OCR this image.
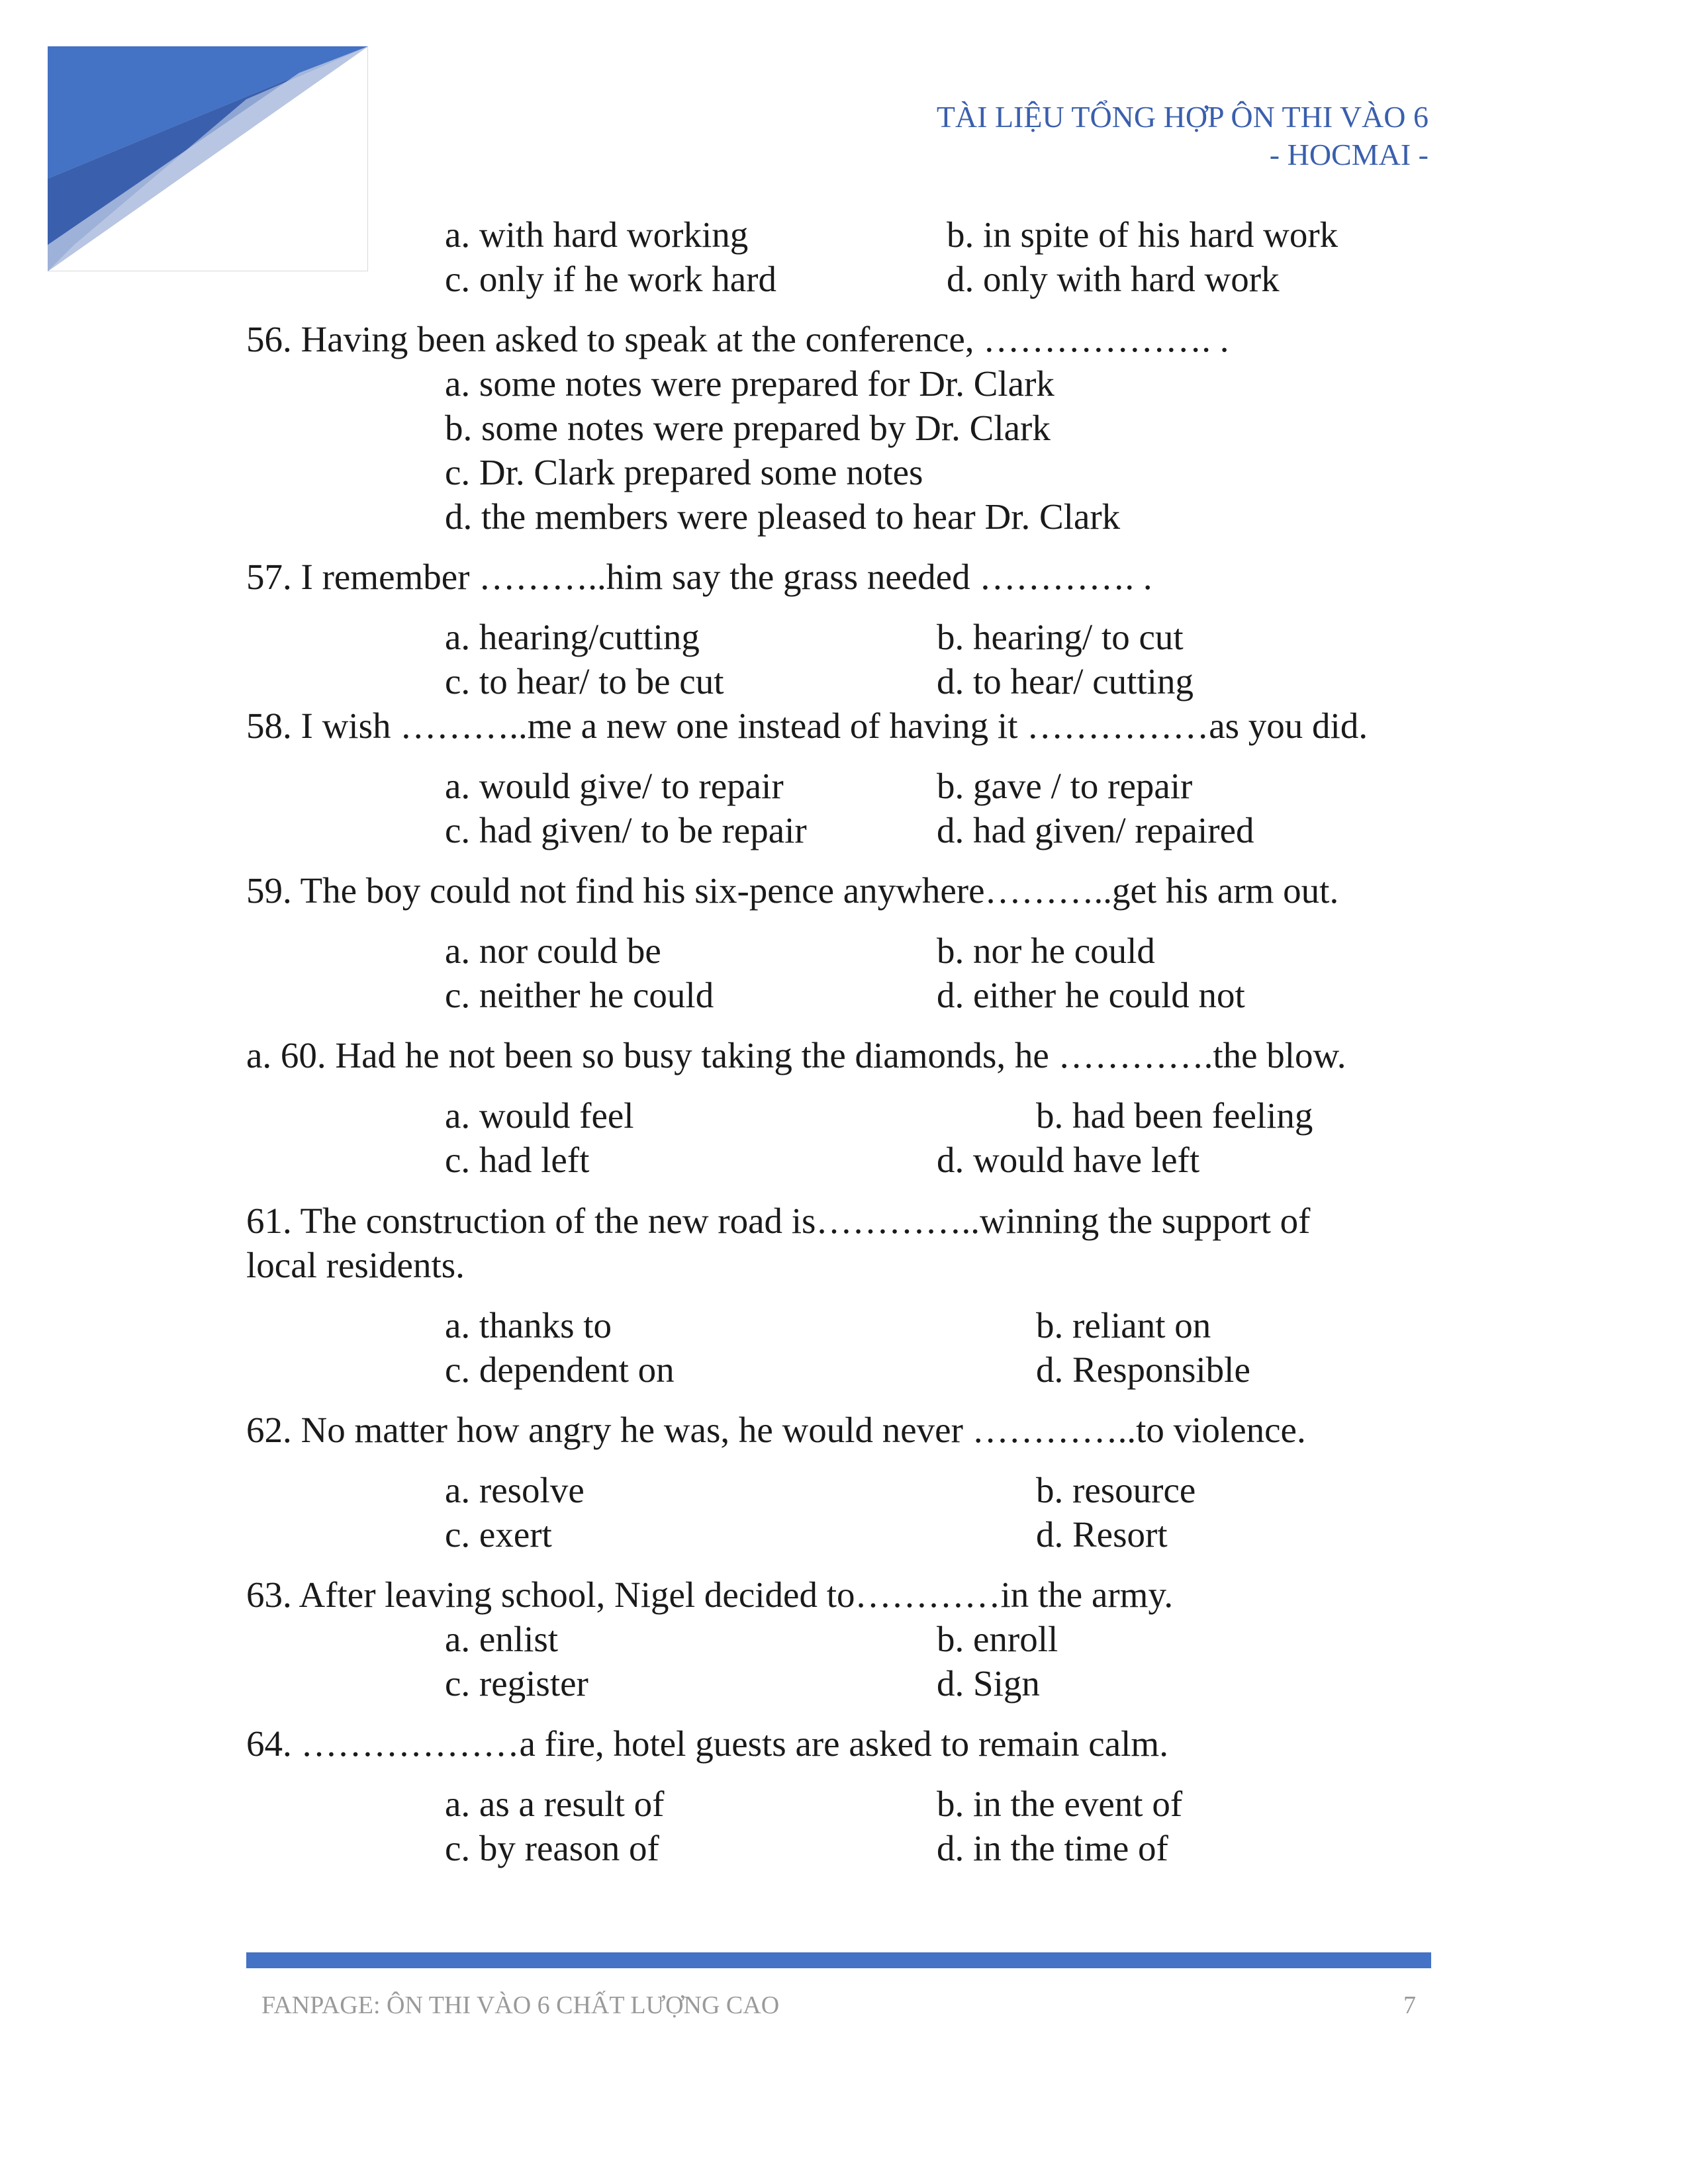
TÀI LIỆU TỔNG HỢP ÔN THI VÀO 6
- HOCMAI -
a. with hard working	b. in spite of his hard work
c. only if he work hard	d. only with hard work
56. Having been asked to speak at the conference, ………………. .
a. some notes were prepared for Dr. Clark
b. some notes were prepared by Dr. Clark
c. Dr. Clark prepared some notes
d. the members were pleased to hear Dr. Clark
57. I remember ………..him say the grass needed …………. .
a. hearing/cutting	b. hearing/ to cut
c. to hear/ to be cut	d. to hear/ cutting
58. I wish ………..me a new one instead of having it ……………as you did.
a. would give/ to repair	b. gave / to repair
c. had given/ to be repair	d. had given/ repaired
59. The boy could not find his six-pence anywhere………..get his arm out.
a. nor could be	b. nor he could
c. neither he could	d. either he could not
a. 60. Had he not been so busy taking the diamonds, he ………….the blow.
a. would feel	b. had been feeling
c. had left	d. would have left
61. The construction of the new road is…………..winning the support of
local residents.
a. thanks to	b. reliant on
c. dependent on	d. Responsible
62. No matter how angry he was, he would never …………..to violence.
a. resolve	b. resource
c. exert	d. Resort
63. After leaving school, Nigel decided to…………in the army.
a. enlist	b. enroll
c. register	d. Sign
64. ………………a fire, hotel guests are asked to remain calm.
a. as a result of	b. in the event of
c. by reason of	d. in the time of
FANPAGE: ÔN THI VÀO 6 CHẤT LƯỢNG CAO	7
